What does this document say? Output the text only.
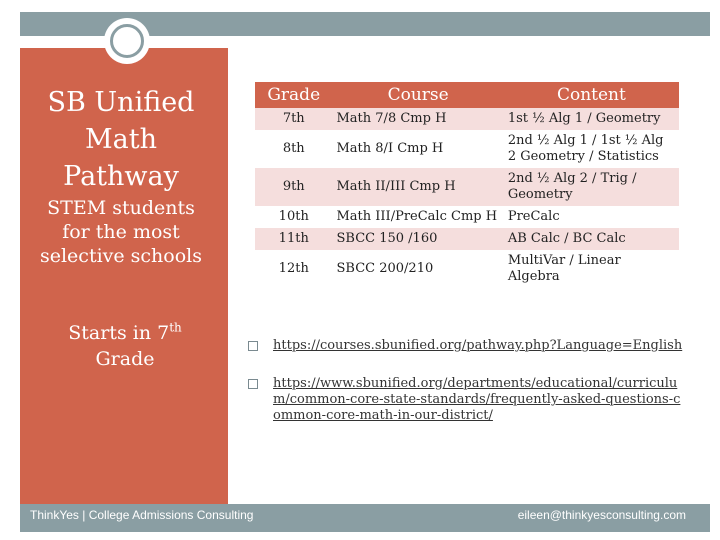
SB Unified
Math
Pathway
STEM students
for the most
selective schools
Starts in 7th
Grade
Grade	Course	Content
7th	Math 7/8 Cmp H	1st ½ Alg 1 / Geometry
8th	Math 8/I Cmp H	2nd ½ Alg 1 / 1st ½ Alg 2 Geometry / Statistics
9th	Math II/III Cmp H	2nd ½ Alg 2 / Trig / Geometry
10th	Math III/PreCalc Cmp H	PreCalc
11th	SBCC 150 /160	AB Calc / BC Calc
12th	SBCC 200/210	MultiVar / Linear Algebra
https://courses.sbunified.org/pathway.php?Language=English
https://www.sbunified.org/departments/educational/curriculum/common-core-state-standards/frequently-asked-questions-common-core-math-in-our-district/
ThinkYes | College Admissions Consulting	eileen@thinkyesconsulting.com
